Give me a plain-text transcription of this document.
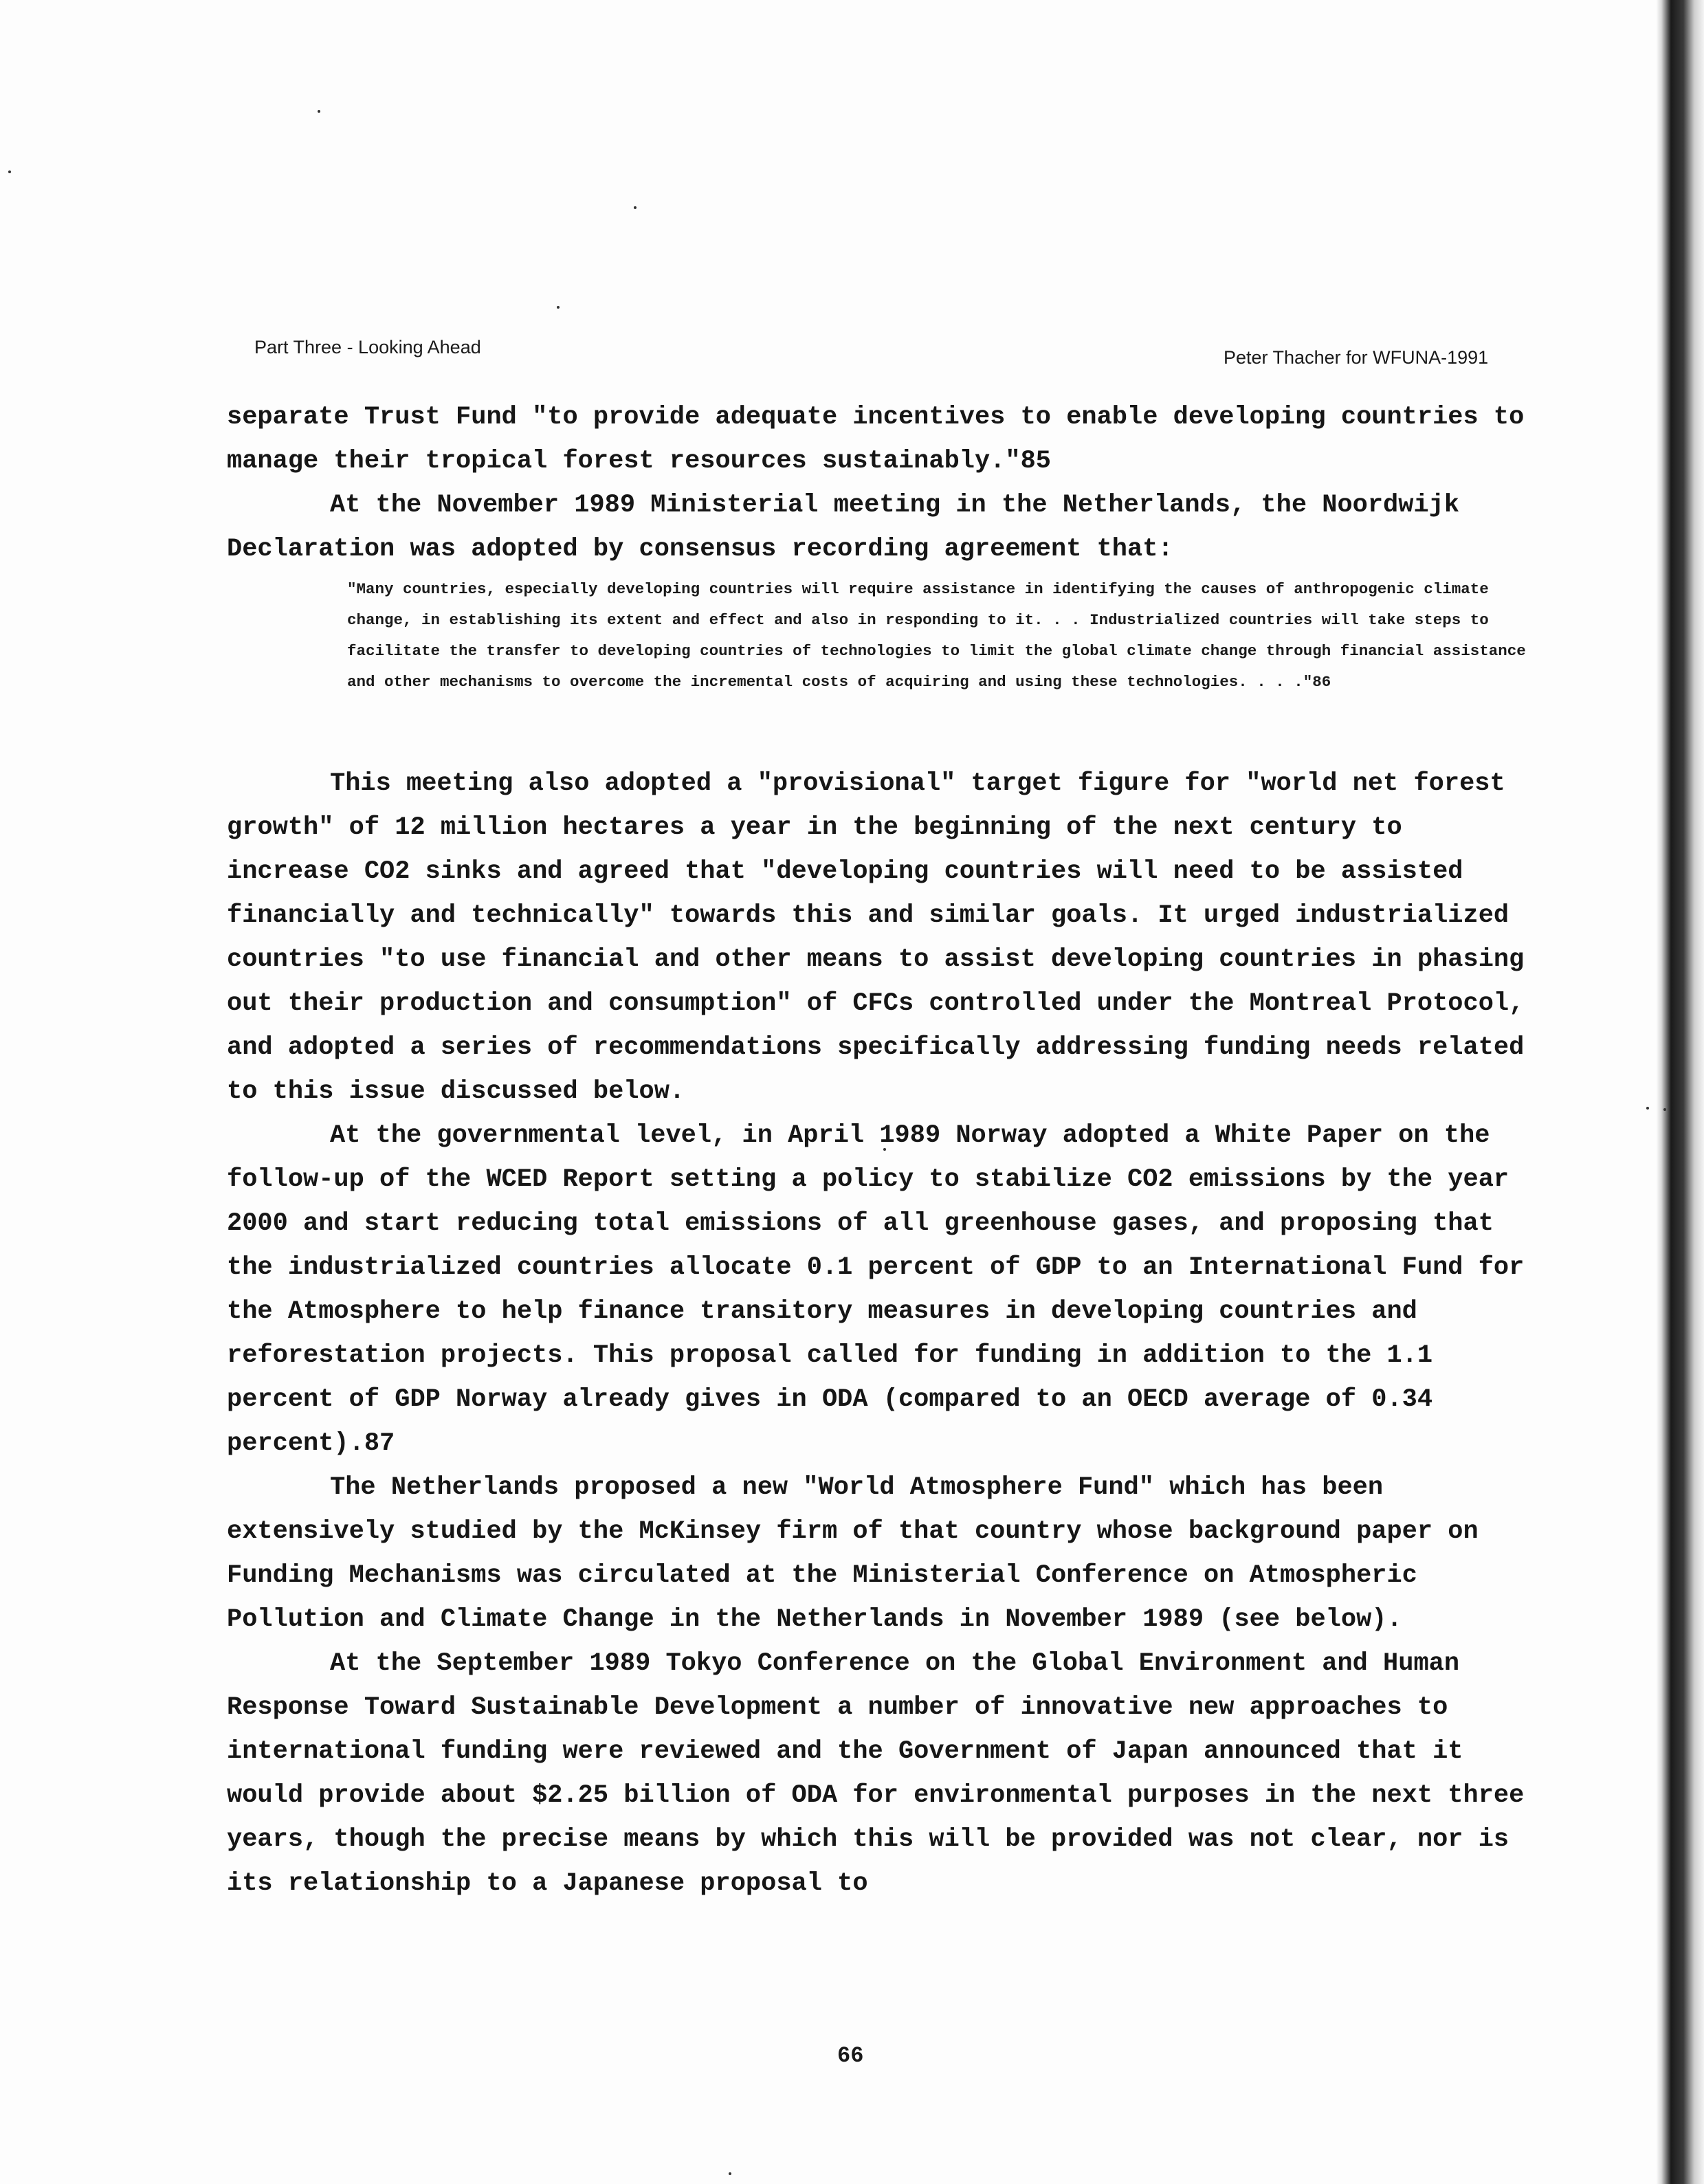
Part Three - Looking Ahead	Peter Thacher for WFUNA-1991

separate Trust Fund "to provide adequate incentives to enable developing countries to manage their tropical forest resources sustainably."85

At the November 1989 Ministerial meeting in the Netherlands, the Noordwijk Declaration was adopted by consensus recording agreement that:

"Many countries, especially developing countries will require assistance in identifying the causes of anthropogenic climate change, in establishing its extent and effect and also in responding to it. . . Industrialized countries will take steps to facilitate the transfer to developing countries of technologies to limit the global climate change through financial assistance and other mechanisms to overcome the incremental costs of acquiring and using these technologies. . . ."86

This meeting also adopted a "provisional" target figure for "world net forest growth" of 12 million hectares a year in the beginning of the next century to increase CO2 sinks and agreed that "developing countries will need to be assisted financially and technically" towards this and similar goals. It urged industrialized countries "to use financial and other means to assist developing countries in phasing out their production and consumption" of CFCs controlled under the Montreal Protocol, and adopted a series of recommendations specifically addressing funding needs related to this issue discussed below.

At the governmental level, in April 1989 Norway adopted a White Paper on the follow-up of the WCED Report setting a policy to stabilize CO2 emissions by the year 2000 and start reducing total emissions of all greenhouse gases, and proposing that the industrialized countries allocate 0.1 percent of GDP to an International Fund for the Atmosphere to help finance transitory measures in developing countries and reforestation projects. This proposal called for funding in addition to the 1.1 percent of GDP Norway already gives in ODA (compared to an OECD average of 0.34 percent).87

The Netherlands proposed a new "World Atmosphere Fund" which has been extensively studied by the McKinsey firm of that country whose background paper on Funding Mechanisms was circulated at the Ministerial Conference on Atmospheric Pollution and Climate Change in the Netherlands in November 1989 (see below).

At the September 1989 Tokyo Conference on the Global Environment and Human Response Toward Sustainable Development a number of innovative new approaches to international funding were reviewed and the Government of Japan announced that it would provide about $2.25 billion of ODA for environmental purposes in the next three years, though the precise means by which this will be provided was not clear, nor is its relationship to a Japanese proposal to

66
